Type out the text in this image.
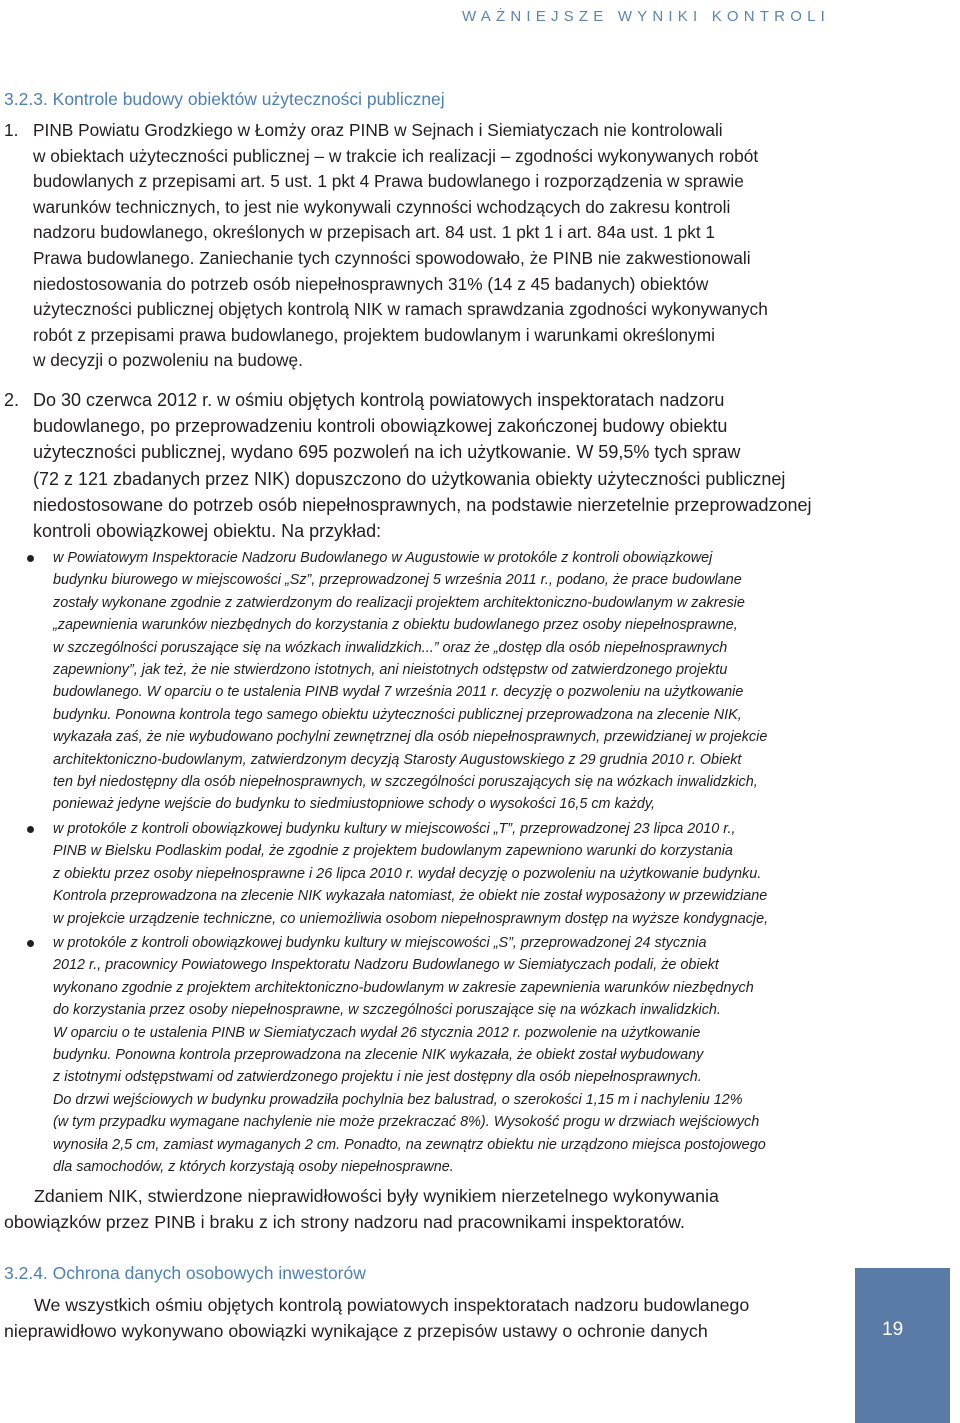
WAŻNIEJSZE WYNIKI KONTROLI
3.2.3. Kontrole budowy obiektów użyteczności publicznej
1. PINB Powiatu Grodzkiego w Łomży oraz PINB w Sejnach i Siemiatyczach nie kontrolowali
w obiektach użyteczności publicznej – w trakcie ich realizacji – zgodności wykonywanych robót
budowlanych z przepisami art. 5 ust. 1 pkt 4 Prawa budowlanego i rozporządzenia w sprawie
warunków technicznych, to jest nie wykonywali czynności wchodzących do zakresu kontroli
nadzoru budowlanego, określonych w przepisach art. 84 ust. 1 pkt 1 i art. 84a ust. 1 pkt 1
Prawa budowlanego. Zaniechanie tych czynności spowodowało, że PINB nie zakwestionowali
niedostosowania do potrzeb osób niepełnosprawnych 31% (14 z 45 badanych) obiektów
użyteczności publicznej objętych kontrolą NIK w ramach sprawdzania zgodności wykonywanych
robót z przepisami prawa budowlanego, projektem budowlanym i warunkami określonymi
w decyzji o pozwoleniu na budowę.
2. Do 30 czerwca 2012 r. w ośmiu objętych kontrolą powiatowych inspektoratach nadzoru
budowlanego, po przeprowadzeniu kontroli obowiązkowej zakończonej budowy obiektu
użyteczności publicznej, wydano 695 pozwoleń na ich użytkowanie. W 59,5% tych spraw
(72 z 121 zbadanych przez NIK) dopuszczono do użytkowania obiekty użyteczności publicznej
niedostosowane do potrzeb osób niepełnosprawnych, na podstawie nierzetelnie przeprowadzonej
kontroli obowiązkowej obiektu. Na przykład:
w Powiatowym Inspektoracie Nadzoru Budowlanego w Augustowie w protokóle z kontroli obowiązkowej
budynku biurowego w miejscowości „Sz”, przeprowadzonej 5 września 2011 r., podano, że prace budowlane
zostały wykonane zgodnie z zatwierdzonym do realizacji projektem architektoniczno-budowlanym w zakresie
„zapewnienia warunków niezbędnych do korzystania z obiektu budowlanego przez osoby niepełnosprawne,
w szczególności poruszające się na wózkach inwalidzkich...” oraz że „dostęp dla osób niepełnosprawnych
zapewniony”, jak też, że nie stwierdzono istotnych, ani nieistotnych odstępstw od zatwierdzonego projektu
budowlanego. W oparciu o te ustalenia PINB wydał 7 września 2011 r. decyzję o pozwoleniu na użytkowanie
budynku. Ponowna kontrola tego samego obiektu użyteczności publicznej przeprowadzona na zlecenie NIK,
wykazała zaś, że nie wybudowano pochylni zewnętrznej dla osób niepełnosprawnych, przewidzianej w projekcie
architektoniczno-budowlanym, zatwierdzonym decyzją Starosty Augustowskiego z 29 grudnia 2010 r. Obiekt
ten był niedostępny dla osób niepełnosprawnych, w szczególności poruszających się na wózkach inwalidzkich,
ponieważ jedyne wejście do budynku to siedmiustopniowe schody o wysokości 16,5 cm każdy,
w protokóle z kontroli obowiązkowej budynku kultury w miejscowości „T”, przeprowadzonej 23 lipca 2010 r.,
PINB w Bielsku Podlaskim podał, że zgodnie z projektem budowlanym zapewniono warunki do korzystania
z obiektu przez osoby niepełnosprawne i 26 lipca 2010 r. wydał decyzję o pozwoleniu na użytkowanie budynku.
Kontrola przeprowadzona na zlecenie NIK wykazała natomiast, że obiekt nie został wyposażony w przewidziane
w projekcie urządzenie techniczne, co uniemożliwia osobom niepełnosprawnym dostęp na wyższe kondygnacje,
w protokóle z kontroli obowiązkowej budynku kultury w miejscowości „S”, przeprowadzonej 24 stycznia
2012 r., pracownicy Powiatowego Inspektoratu Nadzoru Budowlanego w Siemiatyczach podali, że obiekt
wykonano zgodnie z projektem architektoniczno-budowlanym w zakresie zapewnienia warunków niezbędnych
do korzystania przez osoby niepełnosprawne, w szczególności poruszające się na wózkach inwalidzkich.
W oparciu o te ustalenia PINB w Siemiatyczach wydał 26 stycznia 2012 r. pozwolenie na użytkowanie
budynku. Ponowna kontrola przeprowadzona na zlecenie NIK wykazała, że obiekt został wybudowany
z istotnymi odstępstwami od zatwierdzonego projektu i nie jest dostępny dla osób niepełnosprawnych.
Do drzwi wejściowych w budynku prowadziła pochylnia bez balustrad, o szerokości 1,15 m i nachyleniu 12%
(w tym przypadku wymagane nachylenie nie może przekraczać 8%). Wysokość progu w drzwiach wejściowych
wynosiła 2,5 cm, zamiast wymaganych 2 cm. Ponadto, na zewnątrz obiektu nie urządzono miejsca postojowego
dla samochodów, z których korzystają osoby niepełnosprawne.
Zdaniem NIK, stwierdzone nieprawidłowości były wynikiem nierzetelnego wykonywania
obowiązków przez PINB i braku z ich strony nadzoru nad pracownikami inspektoratów.
3.2.4. Ochrona danych osobowych inwestorów
We wszystkich ośmiu objętych kontrolą powiatowych inspektoratach nadzoru budowlanego
nieprawidłowo wykonywano obowiązki wynikające z przepisów ustawy o ochronie danych	19
